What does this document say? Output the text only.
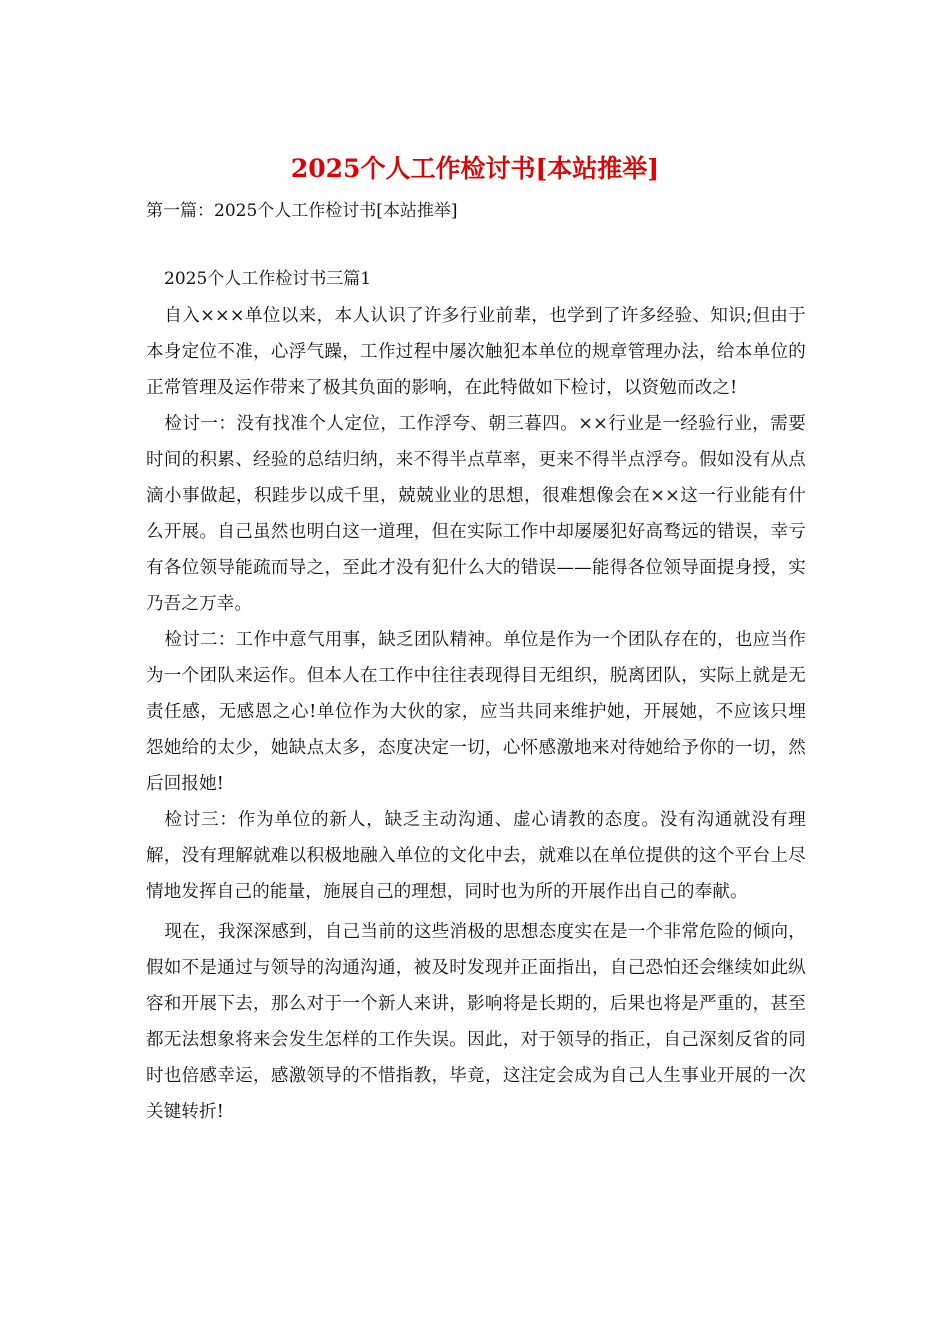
2025个人工作检讨书[本站推举]

第一篇：2025个人工作检讨书[本站推举]

2025个人工作检讨书三篇1

自入×××单位以来，本人认识了许多行业前辈，也学到了许多经验、知识;但由于本身定位不准，心浮气躁，工作过程中屡次触犯本单位的规章管理办法，给本单位的正常管理及运作带来了极其负面的影响，在此特做如下检讨，以资勉而改之!

检讨一：没有找准个人定位，工作浮夸、朝三暮四。××行业是一经验行业，需要时间的积累、经验的总结归纳，来不得半点草率，更来不得半点浮夸。假如没有从点滴小事做起，积跬步以成千里，兢兢业业的思想，很难想像会在××这一行业能有什么开展。自己虽然也明白这一道理，但在实际工作中却屡屡犯好高骛远的错误，幸亏有各位领导能疏而导之，至此才没有犯什么大的错误——能得各位领导面提身授，实乃吾之万幸。

检讨二：工作中意气用事，缺乏团队精神。单位是作为一个团队存在的，也应当作为一个团队来运作。但本人在工作中往往表现得目无组织，脱离团队，实际上就是无责任感，无感恩之心!单位作为大伙的家，应当共同来维护她，开展她，不应该只埋怨她给的太少，她缺点太多，态度决定一切，心怀感激地来对待她给予你的一切，然后回报她!

检讨三：作为单位的新人，缺乏主动沟通、虚心请教的态度。没有沟通就没有理解，没有理解就难以积极地融入单位的文化中去，就难以在单位提供的这个平台上尽情地发挥自己的能量，施展自己的理想，同时也为所的开展作出自己的奉献。

现在，我深深感到，自己当前的这些消极的思想态度实在是一个非常危险的倾向，假如不是通过与领导的沟通沟通，被及时发现并正面指出，自己恐怕还会继续如此纵容和开展下去，那么对于一个新人来讲，影响将是长期的，后果也将是严重的，甚至都无法想象将来会发生怎样的工作失误。因此，对于领导的指正，自己深刻反省的同时也倍感幸运，感激领导的不惜指教，毕竟，这注定会成为自己人生事业开展的一次关键转折!
